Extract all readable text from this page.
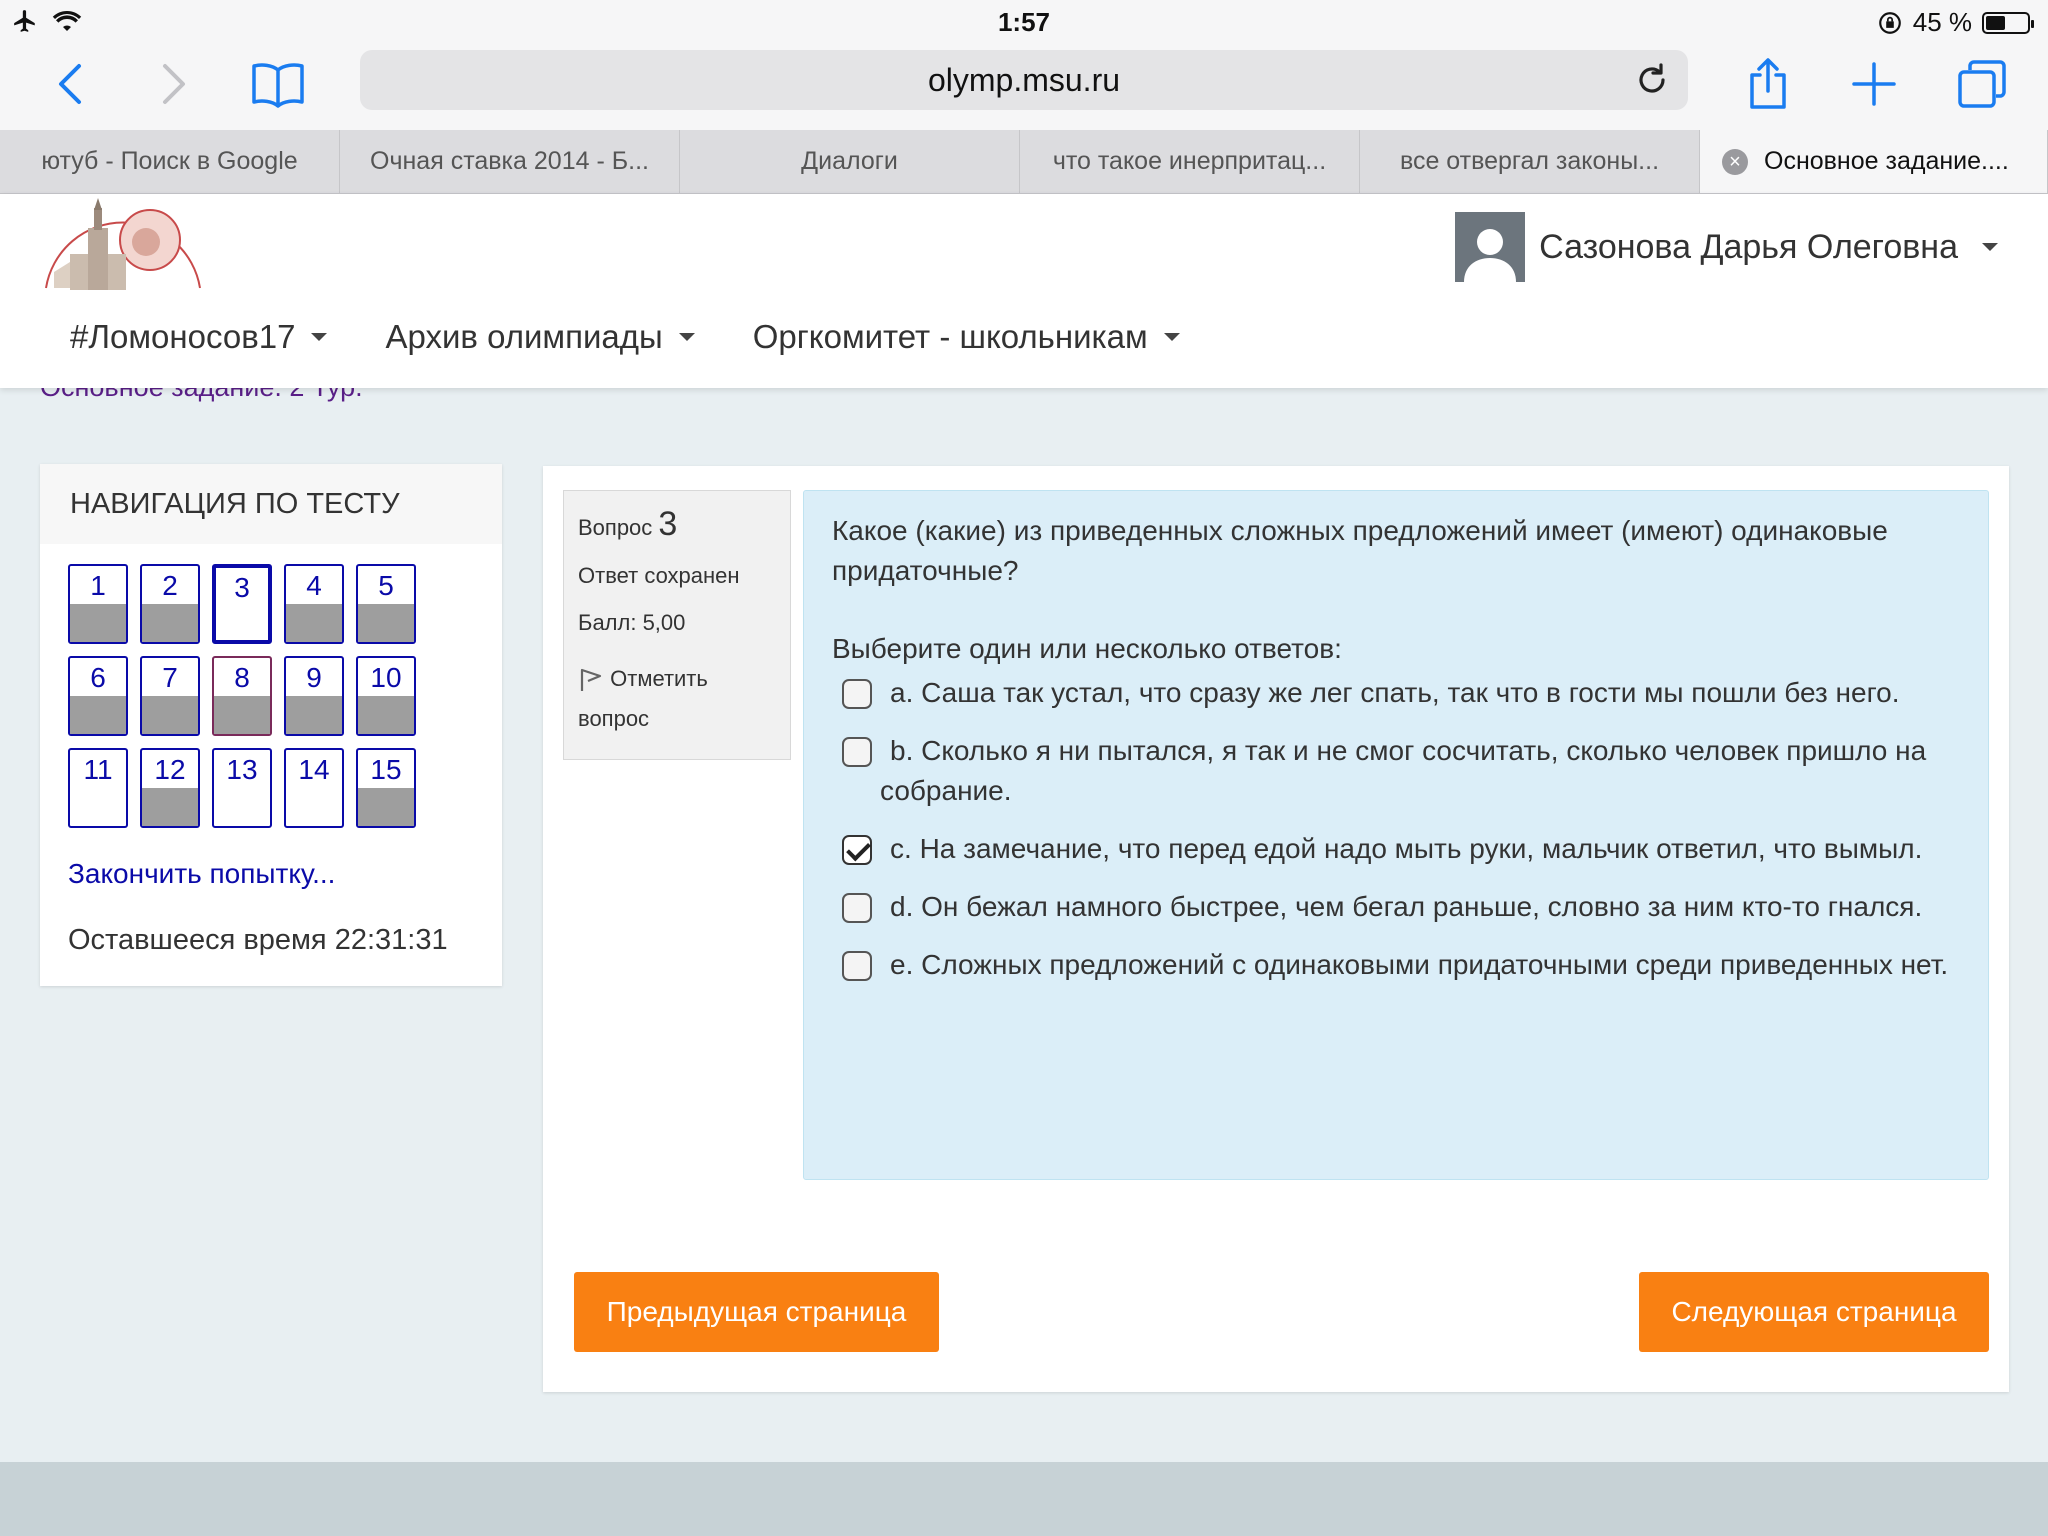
1:57	45 %
olymp.msu.ru
ютуб - Поиск в Google	Очная ставка 2014 - Б...	Диалоги	что такое инерпритац...	все отвергал законы...	× Основное задание....
Сазонова Дарья Олеговна
#Ломоносов17	Архив олимпиады	Оргкомитет - школьникам
НАВИГАЦИЯ ПО ТЕСТУ
1	2	3	4	5
6	7	8	9	10
11	12	13	14	15
Закончить попытку...
Оставшееся время 22:31:31
Вопрос 3

Ответ сохранен

Балл: 5,00

Отметить вопрос
Какое (какие) из приведенных сложных предложений имеет (имеют) одинаковые придаточные?
Выберите один или несколько ответов:
a. Саша так устал, что сразу же лег спать, так что в гости мы пошли без него.
b. Сколько я ни пытался, я так и не смог сосчитать, сколько человек пришло на собрание.
c. На замечание, что перед едой надо мыть руки, мальчик ответил, что вымыл.
d. Он бежал намного быстрее, чем бегал раньше, словно за ним кто-то гнался.
e. Сложных предложений с одинаковыми придаточными среди приведенных нет.
Предыдущая страница	Следующая страница
